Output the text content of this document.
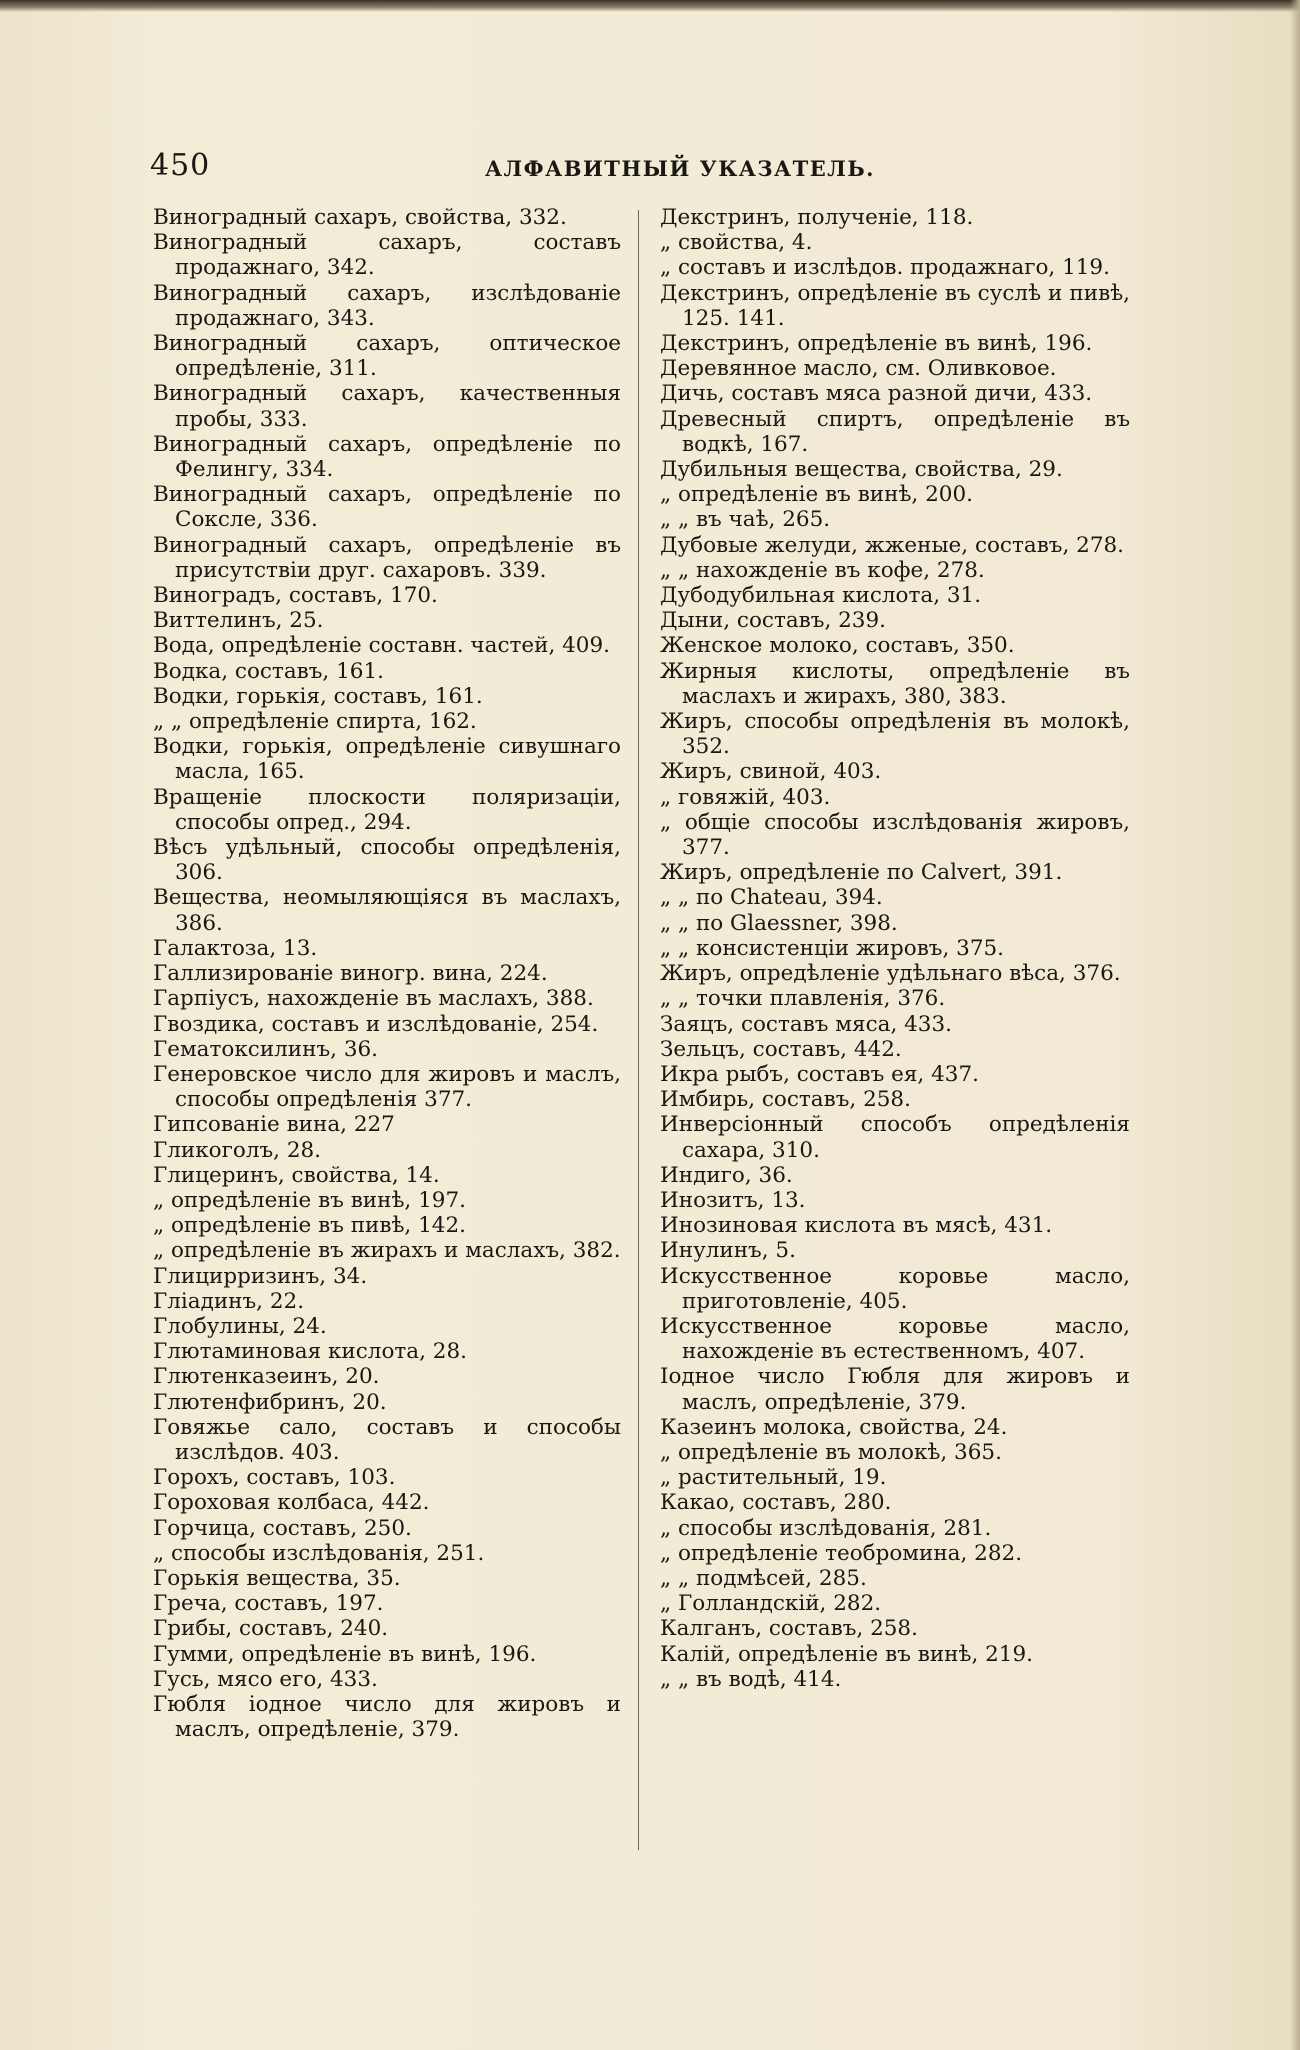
450	АЛФАВИТНЫЙ УКАЗАТЕЛЬ.
Виноградный сахаръ, свойства, 332.
Виноградный сахаръ, составъ продажнаго, 342.
Виноградный сахаръ, изслѣдованіе продажнаго, 343.
Виноградный сахаръ, оптическое опредѣленіе, 311.
Виноградный сахаръ, качественныя пробы, 333.
Виноградный сахаръ, опредѣленіе по Фелингу, 334.
Виноградный сахаръ, опредѣленіе по Сокслe, 336.
Виноградный сахаръ, опредѣленіе въ присутствіи друг. сахаровъ. 339.
Виноградъ, составъ, 170.
Виттелинъ, 25.
Вода, опредѣленіе составн. частей, 409.
Водка, составъ, 161.
Водки, горькія, составъ, 161.
„ „ опредѣленіе спирта, 162.
Водки, горькія, опредѣленіе сивушнаго масла, 165.
Вращеніе плоскости поляризаціи, способы опред., 294.
Вѣсъ удѣльный, способы опредѣленія, 306.
Вещества, неомыляющіяся въ маслахъ, 386.
Галактоза, 13.
Галлизированіе виногр. вина, 224.
Гарпіусъ, нахожденіе въ маслахъ, 388.
Гвоздика, составъ и изслѣдованіе, 254.
Гематоксилинъ, 36.
Генеровское число для жировъ и маслъ, способы опредѣленія 377.
Гипсованіе вина, 227
Гликоголъ, 28.
Глицеринъ, свойства, 14.
„ опредѣленіе въ винѣ, 197.
„ опредѣленіе въ пивѣ, 142.
„ опредѣленіе въ жирахъ и маслахъ, 382.
Глицирризинъ, 34.
Гліадинъ, 22.
Глобулины, 24.
Глютаминовая кислота, 28.
Глютенказеинъ, 20.
Глютенфибринъ, 20.
Говяжье сало, составъ и способы изслѣдов. 403.
Горохъ, составъ, 103.
Гороховая колбаса, 442.
Горчица, составъ, 250.
„ способы изслѣдованія, 251.
Горькія вещества, 35.
Греча, составъ, 197.
Грибы, составъ, 240.
Гумми, опредѣленіе въ винѣ, 196.
Гусь, мясо его, 433.
Гюбля іодное число для жировъ и маслъ, опредѣленіе, 379.
Декстринъ, полученіе, 118.
„ свойства, 4.
„ составъ и изслѣдов. продажнаго, 119.
Декстринъ, опредѣленіе въ суслѣ и пивѣ, 125. 141.
Декстринъ, опредѣленіе въ винѣ, 196.
Деревянное масло, см. Оливковое.
Дичь, составъ мяса разной дичи, 433.
Древесный спиртъ, опредѣленіе въ водкѣ, 167.
Дубильныя вещества, свойства, 29.
„ опредѣленіе въ винѣ, 200.
„ „ въ чаѣ, 265.
Дубовые желуди, жженые, составъ, 278.
„ „ нахожденіе въ кофе, 278.
Дубодубильная кислота, 31.
Дыни, составъ, 239.
Женское молоко, составъ, 350.
Жирныя кислоты, опредѣленіе въ маслахъ и жирахъ, 380, 383.
Жиръ, способы опредѣленія въ молокѣ, 352.
Жиръ, свиной, 403.
„ говяжій, 403.
„ общіе способы изслѣдованія жировъ, 377.
Жиръ, опредѣленіе по Calvert, 391.
„ „ по Chateau, 394.
„ „ по Glaessner, 398.
„ „ консистенціи жировъ, 375.
Жиръ, опредѣленіе удѣльнаго вѣса, 376.
„ „ точки плавленія, 376.
Заяцъ, составъ мяса, 433.
Зельцъ, составъ, 442.
Икра рыбъ, составъ ея, 437.
Имбирь, составъ, 258.
Инверсіонный способъ опредѣленія сахара, 310.
Индиго, 36.
Инозитъ, 13.
Инозиновая кислота въ мясѣ, 431.
Инулинъ, 5.
Искусственное коровье масло, приготовленіе, 405.
Искусственное коровье масло, нахожденіе въ естественномъ, 407.
Іодное число Гюбля для жировъ и маслъ, опредѣленіе, 379.
Казеинъ молока, свойства, 24.
„ опредѣленіе въ молокѣ, 365.
„ растительный, 19.
Какао, составъ, 280.
„ способы изслѣдованія, 281.
„ опредѣленіе теобромина, 282.
„ „ подмѣсей, 285.
„ Голландскій, 282.
Калганъ, составъ, 258.
Калій, опредѣленіе въ винѣ, 219.
„ „ въ водѣ, 414.
